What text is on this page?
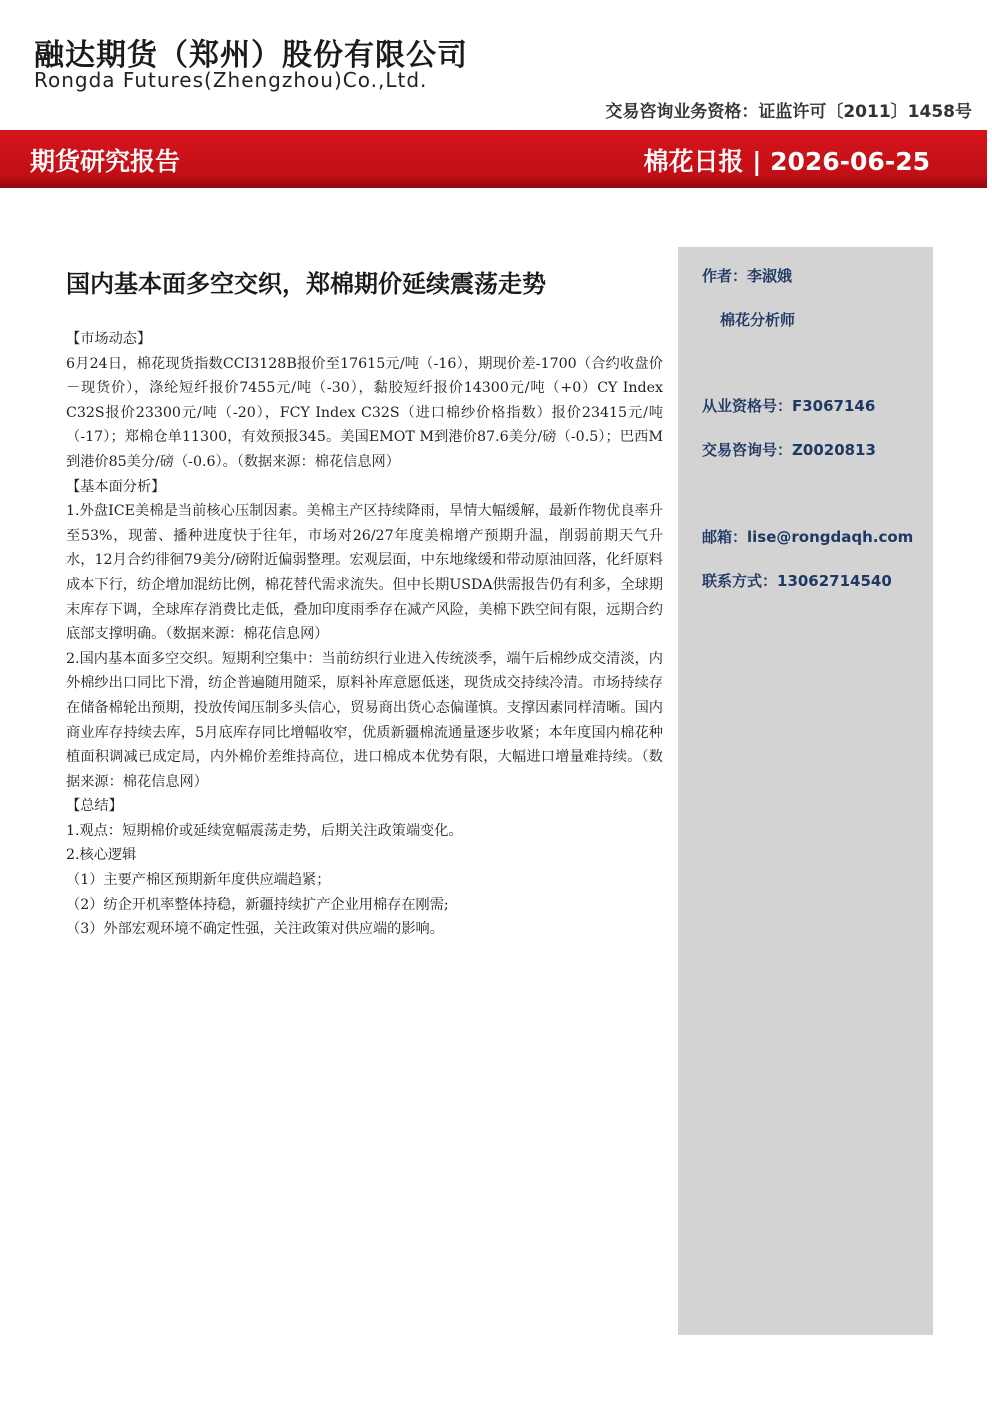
融达期货（郑州）股份有限公司
Rongda Futures(Zhengzhou)Co.,Ltd.
交易咨询业务资格：证监许可〔2011〕1458号
期货研究报告	棉花日报 | 2026-06-25
作者：李淑娥
棉花分析师
从业资格号：F3067146
交易咨询号：Z0020813
邮箱：lise@rongdaqh.com
联系方式：13062714540
国内基本面多空交织，郑棉期价延续震荡走势

【市场动态】

6月24日，棉花现货指数CCI3128B报价至17615元/吨（-16），期现价差-1700（合约收盘价－现货价），涤纶短纤报价7455元/吨（-30），黏胶短纤报价14300元/吨（+0）CY Index C32S报价23300元/吨（-20），FCY Index C32S（进口棉纱价格指数）报价23415元/吨（-17）；郑棉仓单11300，有效预报345。美国EMOT M到港价87.6美分/磅（-0.5）；巴西M到港价85美分/磅（-0.6）。（数据来源：棉花信息网）

【基本面分析】

1.外盘ICE美棉是当前核心压制因素。美棉主产区持续降雨，旱情大幅缓解，最新作物优良率升至53%，现蕾、播种进度快于往年，市场对26/27年度美棉增产预期升温，削弱前期天气升水，12月合约徘徊79美分/磅附近偏弱整理。宏观层面，中东地缘缓和带动原油回落，化纤原料成本下行，纺企增加混纺比例，棉花替代需求流失。但中长期USDA供需报告仍有利多，全球期末库存下调，全球库存消费比走低，叠加印度雨季存在减产风险，美棉下跌空间有限，远期合约底部支撑明确。（数据来源：棉花信息网）

2.国内基本面多空交织。短期利空集中：当前纺织行业进入传统淡季，端午后棉纱成交清淡，内外棉纱出口同比下滑，纺企普遍随用随采，原料补库意愿低迷，现货成交持续冷清。市场持续存在储备棉轮出预期，投放传闻压制多头信心，贸易商出货心态偏谨慎。支撑因素同样清晰。国内商业库存持续去库，5月底库存同比增幅收窄，优质新疆棉流通量逐步收紧；本年度国内棉花种植面积调减已成定局，内外棉价差维持高位，进口棉成本优势有限，大幅进口增量难持续。（数据来源：棉花信息网）

【总结】

1.观点：短期棉价或延续宽幅震荡走势，后期关注政策端变化。

2.核心逻辑

（1）主要产棉区预期新年度供应端趋紧；

（2）纺企开机率整体持稳，新疆持续扩产企业用棉存在刚需;

（3）外部宏观环境不确定性强，关注政策对供应端的影响。
